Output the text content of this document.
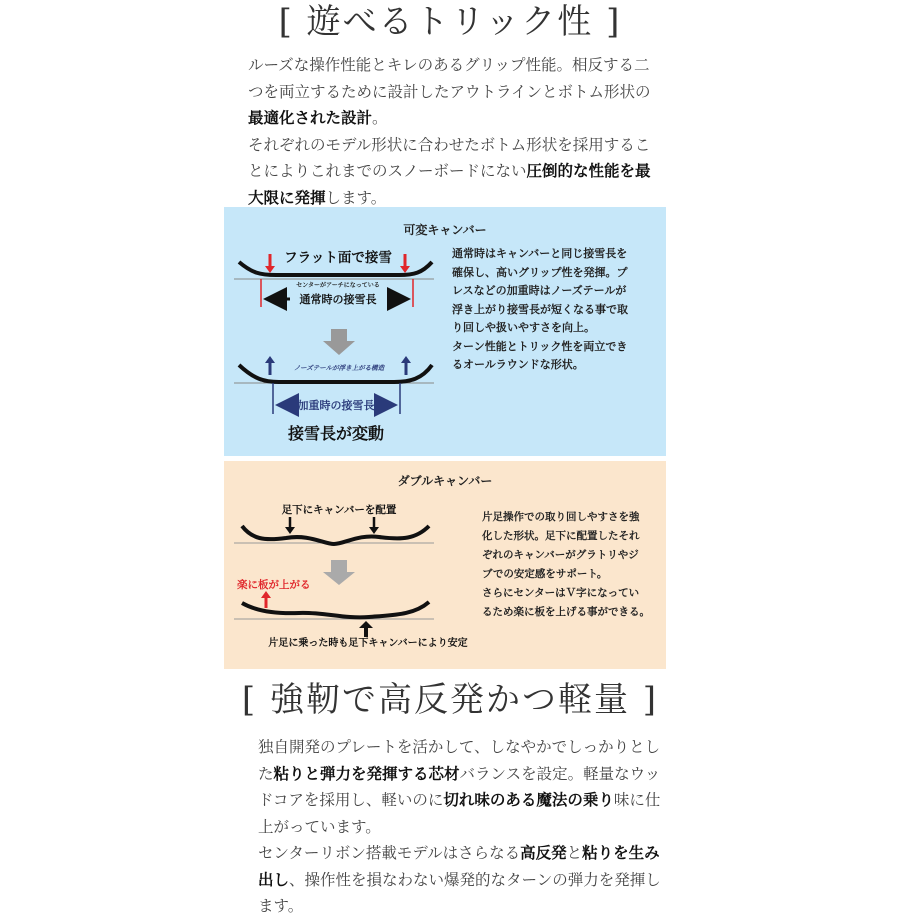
[ 遊べるトリック性 ]

ルーズな操作性能とキレのあるグリップ性能。相反する二

つを両立するために設計したアウトラインとボトム形状の

最適化された設計。

それぞれのモデル形状に合わせたボトム形状を採用するこ

とによりこれまでのスノーボードにない圧倒的な性能を最

大限に発揮します。

可変キャンバー
フラット面で接雪
センターがアーチになっている
通常時の接雪長
ノーズテールが浮き上がる構造
加重時の接雪長
接雪長が変動
通常時はキャンバーと同じ接雪長を
確保し、高いグリップ性を発揮。プ
レスなどの加重時はノーズテールが
浮き上がり接雪長が短くなる事で取
り回しや扱いやすさを向上。
ターン性能とトリック性を両立でき
るオールラウンドな形状。
ダブルキャンバー
足下にキャンバーを配置
楽に板が上がる
片足に乗った時も足下キャンバーにより安定
片足操作での取り回しやすさを強
化した形状。足下に配置したそれ
ぞれのキャンバーがグラトリやジ
ブでの安定感をサポート。
さらにセンターはＶ字になってい
るため楽に板を上げる事ができる。
[ 強靭で高反発かつ軽量 ]

独自開発のプレートを活かして、しなやかでしっかりとし

た粘りと弾力を発揮する芯材バランスを設定。軽量なウッ

ドコアを採用し、軽いのに切れ味のある魔法の乗り味に仕

上がっています。

センターリボン搭載モデルはさらなる高反発と粘りを生み

出し、操作性を損なわない爆発的なターンの弾力を発揮し

ます。
